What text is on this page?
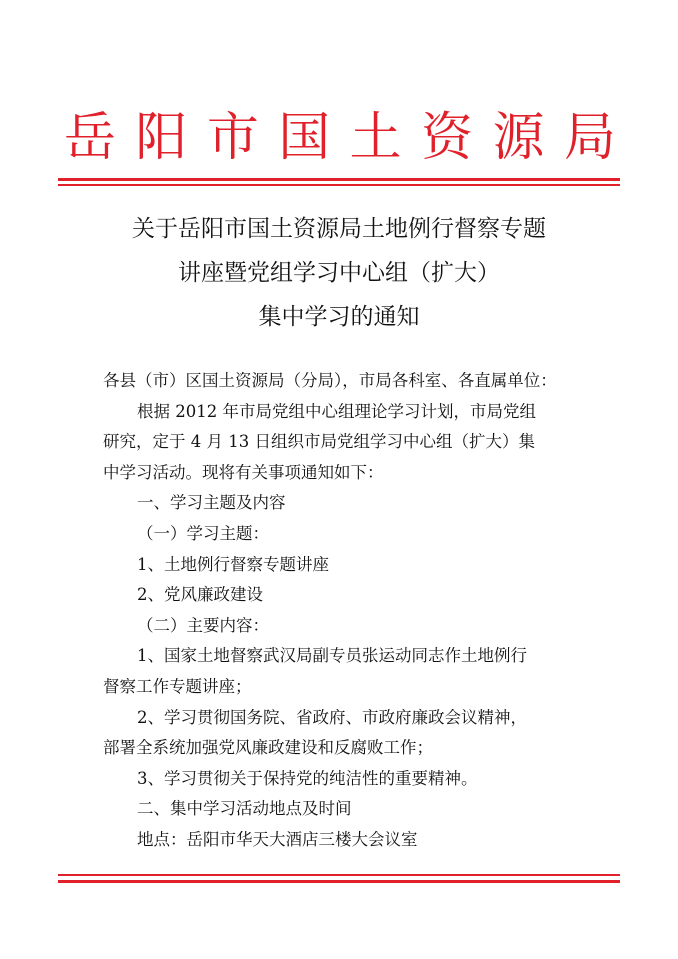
岳 阳 市 国 土 资 源 局
关于岳阳市国土资源局土地例行督察专题
讲座暨党组学习中心组（扩大）
集中学习的通知

各县（市）区国土资源局（分局），市局各科室、各直属单位：

根据 2012 年市局党组中心组理论学习计划，市局党组

研究，定于 4 月 13 日组织市局党组学习中心组（扩大）集

中学习活动。现将有关事项通知如下：

一、学习主题及内容

（一）学习主题：

1、土地例行督察专题讲座

2、党风廉政建设

（二）主要内容：

1、国家土地督察武汉局副专员张运动同志作土地例行

督察工作专题讲座；

2、学习贯彻国务院、省政府、市政府廉政会议精神，

部署全系统加强党风廉政建设和反腐败工作；

3、学习贯彻关于保持党的纯洁性的重要精神。

二、集中学习活动地点及时间

地点：岳阳市华天大酒店三楼大会议室
